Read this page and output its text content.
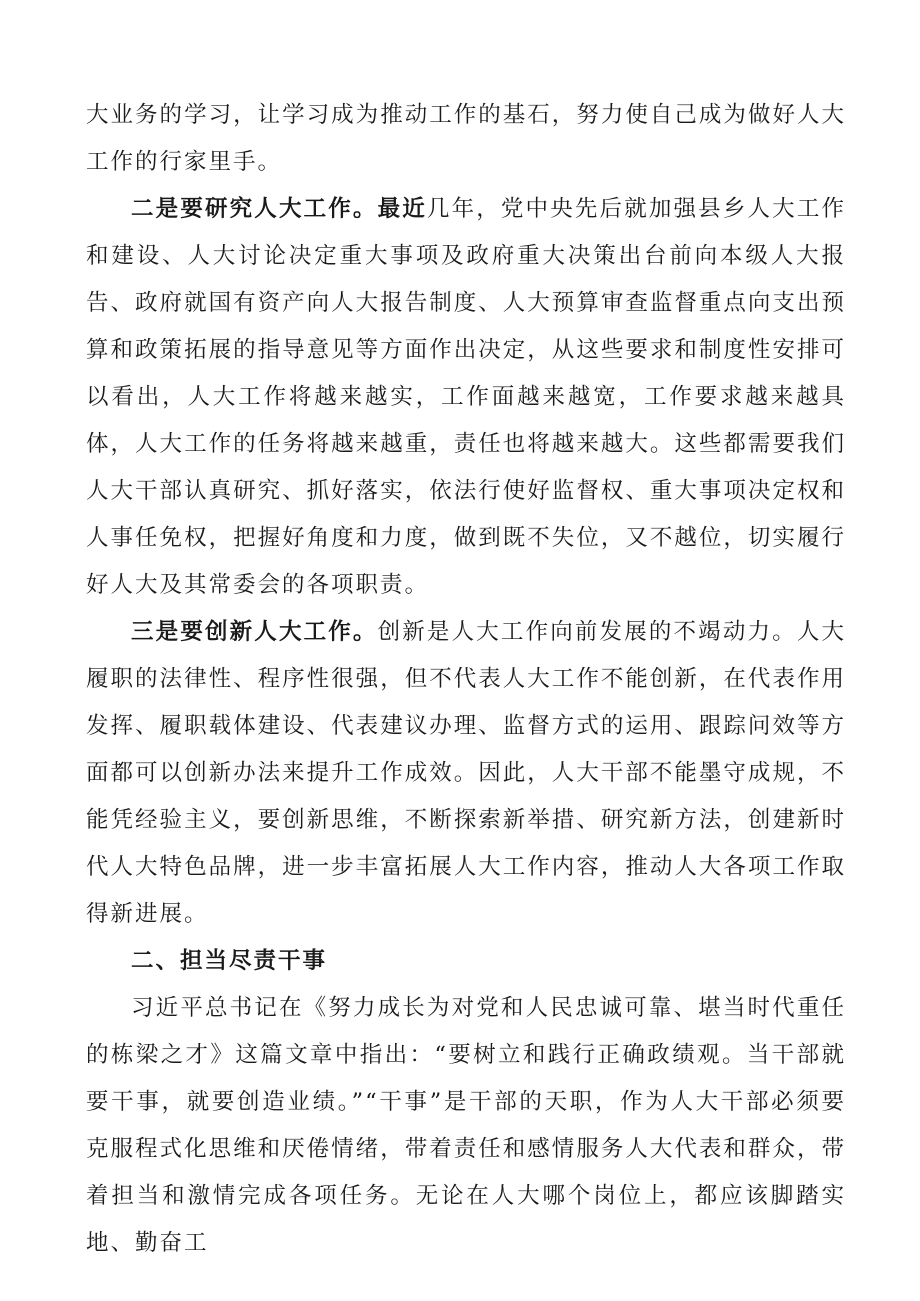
大业务的学习，让学习成为推动工作的基石，努力使自己成为做好人大工作的行家里手。

二是要研究人大工作。最近几年，党中央先后就加强县乡人大工作和建设、人大讨论决定重大事项及政府重大决策出台前向本级人大报告、政府就国有资产向人大报告制度、人大预算审查监督重点向支出预算和政策拓展的指导意见等方面作出决定，从这些要求和制度性安排可以看出，人大工作将越来越实，工作面越来越宽，工作要求越来越具体，人大工作的任务将越来越重，责任也将越来越大。这些都需要我们人大干部认真研究、抓好落实，依法行使好监督权、重大事项决定权和人事任免权，把握好角度和力度，做到既不失位，又不越位，切实履行好人大及其常委会的各项职责。

三是要创新人大工作。创新是人大工作向前发展的不竭动力。人大履职的法律性、程序性很强，但不代表人大工作不能创新，在代表作用发挥、履职载体建设、代表建议办理、监督方式的运用、跟踪问效等方面都可以创新办法来提升工作成效。因此，人大干部不能墨守成规，不能凭经验主义，要创新思维，不断探索新举措、研究新方法，创建新时代人大特色品牌，进一步丰富拓展人大工作内容，推动人大各项工作取得新进展。

二、担当尽责干事

习近平总书记在《努力成长为对党和人民忠诚可靠、堪当时代重任的栋梁之才》这篇文章中指出：“要树立和践行正确政绩观。当干部就要干事，就要创造业绩。”“干事”是干部的天职，作为人大干部必须要克服程式化思维和厌倦情绪，带着责任和感情服务人大代表和群众，带着担当和激情完成各项任务。无论在人大哪个岗位上，都应该脚踏实地、勤奋工
